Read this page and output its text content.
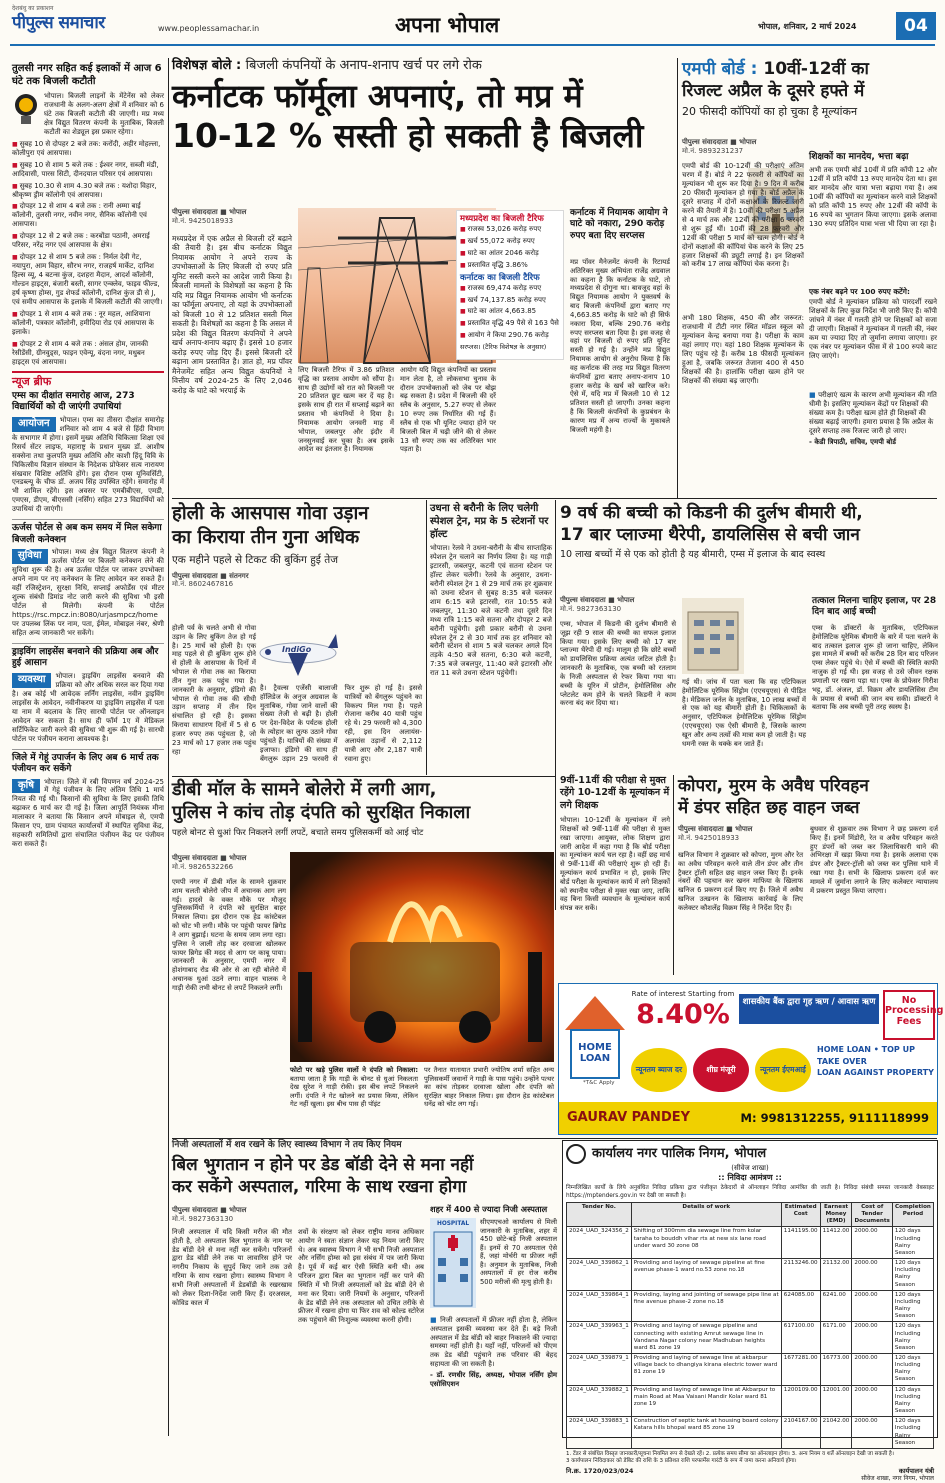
देशबंधु का प्रकाशन
पीपुल्स समाचार	www.peoplessamachar.in	अपना भोपाल	भोपाल, शनिवार, 2 मार्च 2024	04
तुलसी नगर सहित कई इलाकों में आज 6 घंटे तक बिजली कटौती
भोपाल। बिजली लाइनों के मेंटेनेंस को लेकर राजधानी के अलग-अलग क्षेत्रों में शनिवार को 6 घंटे तक बिजली कटौती की जाएगी। मप्र मध्य क्षेत्र विद्युत वितरण कंपनी के मुताबिक, बिजली कटौती का शेड्यूल इस प्रकार रहेगा।
■ सुबह 10 से दोपहर 2 बजे तक: करोंदी, अहीर मोहल्ला, कोलीपुरा एवं आसपास।
■ सुबह 10 से शाम 5 बजे तक : ईश्वर नगर, सब्जी मंडी, आदिवासी, पारस सिटी, दीनदयाल परिसर एवं आसपास।
■ सुबह 10.30 से शाम 4.30 बजे तक : यशोदा विहार, श्रीकृष्ण ड्रीम कॉलोनी एवं आसपास।
■ दोपहर 12 से शाम 4 बजे तक : रानी अम्मा बाई कॉलोनी, तुलसी नगर, नवीन नगर, सैनिक कॉलोनी एवं आसपास।
■ दोपहर 12 से 2 बजे तक : करबोंडा पठानी, अमराई परिसर, नरेंद्र नगर एवं आसपास के क्षेत्र।
■ दोपहर 12 से शाम 5 बजे तक : निर्मल देवी गेट, नयापुरा, आम विहार, सौरभ नगर, राजहर्ष मार्केट, दानिश हिल्स व्यू, 4 बटन्स कुंज, दशहरा मैदान, आदर्श कॉलोनी, गोल्डन हाइट्स, बंजारी बस्ती, सागर एन्क्लेव, फाइव फील्ड, हर्ष कृष्णा होम्स, गुड शेफर्ड कॉलोनी, दानिश कुंज डी से J, एवं समीप आसपास के इलाके में बिजली कटौती की जाएगी।
■ दोपहर 1 से शाम 4 बजे तक : नूर महल, आशियाना कॉलोनी, पत्रकार कॉलोनी, हमीदिया रोड एवं आसपास के इलाके।
■ दोपहर 2 से शाम 4 बजे तक : अंसल होम, जानकी रेसीडेंसी, ग्रीनवुड्स, फाइन एवेन्यू, वंदना नगर, मधुबन हाइट्स एवं आसपास।
न्यूज ब्रीफ
एम्स का दीक्षांत समारोह आज, 273 विद्यार्थियों को दी जाएंगी उपाधियां
आयोजन	भोपाल। एम्स का तीसरा दीक्षांत समारोह शनिवार को शाम 4 बजे से हिंदी विभाग के सभागार में होगा। इसमें मुख्य अतिथि चिकित्सा शिक्षा एवं रिसर्च सेंटर लाइफ, महाराष्ट्र के प्रधान मुख्य डॉ. आशीष सक्सेना तथा कुलपति मुख्य अतिथि और काशी हिंदू विवि के चिकित्सीय विज्ञान संस्थान के निदेशक प्रोफेसर सत्य नारायण संखवार विशिष्ट अतिथि होंगे। इस दौरान एम्स यूनिवर्सिटी, एनडब्ल्यू के चीफ डॉ. अजय सिंह उपस्थित रहेंगे। समारोह में भी शामिल रहेंगे। इस अवसर पर एमबीबीएस, एमडी, एमएस, डीएम, बीएससी (नर्सिंग) सहित 273 विद्यार्थियों को उपाधियां दी जाएंगी।
ऊर्जस पोर्टल से अब कम समय में मिल सकेगा बिजली कनेक्शन
सुविधा	भोपाल। मध्य क्षेत्र विद्युत वितरण कंपनी ने ऊर्जस पोर्टल पर बिजली कनेक्शन लेने की सुविधा शुरू की है। अब ऊर्जस पोर्टल पर जाकर उपभोक्ता अपने नाम पर नए कनेक्शन के लिए आवेदन कर सकते हैं। वहीं रजिस्ट्रेशन, सुरक्षा निधि, सप्लाई अफोर्डेंस एवं मीटर शुल्क संबंधी डिमांड नोट जारी करने की सुविधा भी इसी पोर्टल से मिलेगी। कंपनी के पोर्टल https://rsc.mpcz.in:8080/urjasmpcz/home पर उपलब्ध लिंक पर नाम, पता, ईमेल, मोबाइल नंबर, श्रेणी सहित अन्य जानकारी भर सकेंगे।
ड्राइविंग लाइसेंस बनवाने की प्रक्रिया अब और हुई आसान
व्यवस्था	भोपाल। ड्राइविंग लाइसेंस बनवाने की प्रक्रिया को और अधिक सरल कर दिया गया है। अब कोई भी आवेदक लर्निंग लाइसेंस, नवीन ड्राइविंग लाइसेंस के आवेदन, नवीनीकरण या ड्राइविंग लाइसेंस में पता या नाम में बदलाव के लिए सारथी पोर्टल पर ऑनलाइन आवेदन कर सकता है। साथ ही फॉर्म 1ए में मेडिकल सर्टिफिकेट जारी करने की सुविधा भी शुरू की गई है। सारथी पोर्टल पर पंजीयन कराना आवश्यक है।
जिले में गेहूं उपार्जन के लिए अब 6 मार्च तक पंजीयन कर सकेंगे
कृषि	भोपाल। जिले में रबी विपणन वर्ष 2024-25 में गेहूं पंजीयन के लिए अंतिम तिथि 1 मार्च नियत की गई थी। किसानों की सुविधा के लिए इसकी तिथि बढ़ाकर 6 मार्च कर दी गई है। जिला आपूर्ति नियंत्रक मीना मालाकार ने बताया कि किसान अपने मोबाइल से, एमपी किसान एप, ग्राम पंचायत कार्यालयों में स्थापित सुविधा केंद्र, सहकारी समितियों द्वारा संचालित पंजीयन केंद्र पर पंजीयन करा सकते हैं।
विशेषज्ञ बोले : बिजली कंपनियों के अनाप-शनाप खर्च पर लगे रोक
कर्नाटक फॉर्मूला अपनाएं, तो मप्र में
10-12 % सस्ती हो सकती है बिजली
पीपुल्स संवाददाता ■ भोपाल
मो.नं. 9425018933
मध्यप्रदेश में एक अप्रैल से बिजली दरें बढ़ाने की तैयारी है। इस बीच कर्नाटक विद्युत नियामक आयोग ने अपने राज्य के उपभोक्ताओं के लिए बिजली दो रुपए प्रति यूनिट सस्ती करने का आदेश जारी किया है। बिजली मामलों के विशेषज्ञों का कहना है कि यदि मप्र विद्युत नियामक आयोग भी कर्नाटक का फॉर्मूला अपनाए, तो यहां के उपभोक्ताओं को बिजली 10 से 12 प्रतिशत सस्ती मिल सकती है। विशेषज्ञों का कहना है कि असल में प्रदेश की विद्युत वितरण कंपनियों ने अपने खर्च अनाप-शनाप बढ़ाए हैं। इससे 10 हजार करोड़ रुपए जोड़ दिए हैं। इससे बिजली दरें बढ़ाना आम प्रस्तावित है। ज्ञात हो, मप्र पॉवर मैनेजमेंट सहित अन्य विद्युत कंपनियों ने वित्तीय वर्ष 2024-25 के लिए 2,046 करोड़ के घाटे को भरपाई के
लिए बिजली टैरिफ में 3.86 प्रतिशत वृद्धि का प्रस्ताव आयोग को सौंपा है। साथ ही उद्योगों को रात को बिजली पर 20 प्रतिशत छूट खत्म कर दें यह है। इसके साथ ही रात में सप्लाई बढ़ाने का प्रस्ताव भी कंपनियों ने दिया है। नियामक आयोग जनवरी माह में भोपाल, जबलपुर और इंदौर में जनसुनवाई कर चुका है। अब इसके आदेश का इंतजार है। नियामक
आयोग यदि विद्युत कंपनियों का प्रस्ताव मान लेता है, तो लोकसभा चुनाव के दौरान उपभोक्ताओं को जेब पर बोझ बढ़ सकता है। प्रदेश में बिजली की दरें स्लैब के अनुसार, 5.27 रुपए से लेकर 10 रुपए तक निर्धारित की गई हैं। स्लैब से एक भी यूनिट ज्यादा होने पर बिजली बिल में चढ़ी जीने की से लेकर 13 सौ रुपए तक का अतिरिक्त भार पड़ता है।
मध्यप्रदेश का बिजली टैरिफ
■ राजस्व 53,026 करोड़ रुपए
■ खर्च 55,072 करोड़ रुपए
■ घाटे का आंतर 2046 करोड़
■ प्रस्तावित वृद्धि 3.86%
कर्नाटक का बिजली टैरिफ
■ राजस्व 69,474 करोड़ रुपए
■ खर्च 74,137.85 करोड़ रुपए
■ घाटे का आंतर 4,663.85
■ प्रस्तावित वृद्धि 49 पैसे से 163 पैसे
■ आयोग ने किया 290.76 करोड़
सरप्लस। (टैरिफ विशेषज्ञ के अनुसार)
कर्नाटक में नियामक आयोग ने घाटे को नकारा, 290 करोड़ रुपए बता दिए सरप्लस
मप्र पॉवर मैनेजमेंट कंपनी के रिटायर्ड अतिरिक्त मुख्य अभियंता राजेंद्र अग्रवाल का कहना है कि कर्नाटक के घाटे, तो मध्यप्रदेश से दोगुना था। बावजूद वहां के विद्युत नियामक आयोग ने युक्तवर्ष के बाद बिजली कंपनियों द्वारा बताए गए 4,663.85 करोड़ के घाटे को ही सिर्फ नकारा दिया, बल्कि 290.76 करोड़ रुपए सरप्लस बता दिया है। इस वजह से वहां पर बिजली दो रुपए प्रति यूनिट सस्ती हो गई है। उन्होंने मप्र विद्युत नियामक आयोग से अनुरोध किया है कि वह कर्नाटक की तरह मप्र विद्युत वितरण कंपनियों द्वारा बताए अनाप-शनाप 10 हजार करोड़ के खर्च को खारिज करे। ऐसे में, यदि मप्र में बिजली 10 से 12 प्रतिशत सस्ती हो जाएगी। उनका कहना है कि बिजली कंपनियों के कुप्रबंधन के कारण मप्र में अन्य राज्यों के मुकाबले बिजली महंगी है।
एमपी बोर्ड : 10वीं-12वीं का
रिजल्ट अप्रैल के दूसरे हफ्ते में
20 फीसदी कॉपियों का हो चुका है मूल्यांकन
पीपुल्स संवाददाता ■ भोपाल
मो.नं. 9893231237
एमपी बोर्ड की 10-12वीं की परीक्षाएं अंतिम चरण में हैं। बोर्ड ने 22 फरवरी से कॉपियों का मूल्यांकन भी शुरू कर दिया है। 9 दिन में करीब 20 फीसदी मूल्यांकन हो गया है। बोर्ड अप्रैल के दूसरे सप्ताह में दोनों कक्षाओं के रिजल्ट जारी करने की तैयारी में है। 10वीं की परीक्षा 5 अप्रैल से 4 मार्च तक और 12वीं की परीक्षा 6 फरवरी से शुरू हुईं थीं। 10वीं की 28 फरवरी और 12वीं की परीक्षा 5 मार्च को खत्म होगी। बोर्ड ने दोनों कक्षाओं की कॉपियां चेक करने के लिए 25 हजार शिक्षकों की ड्यूटी लगाई है। इन शिक्षकों को करीब 17 लाख कॉपियां चेक करना है।
अभी 180 शिक्षक, 450 की और जरूरत: राजधानी में टीटी नगर स्थित मॉडल स्कूल को मूल्यांकन केन्द्र बनाया गया है। परीक्षा के काम वहां लगाए गए। यहां 180 शिक्षक मूल्यांकन के लिए पहुंच रहे हैं। करीब 18 फीसदी मूल्यांकन हुआ है, जबकि जरूरत तेजाना 400 से 450 शिक्षकों की है। हालांकि परीक्षा खत्म होने पर शिक्षकों की संख्या बढ़ जाएगी।
शिक्षकों का मानदेय, भत्ता बढ़ा
अभी तक एमपी बोर्ड 10वीं में प्रति कॉपी 12 और 12वीं में प्रति कॉपी 13 रुपए मानदेय देता था। इस बार मानदेय और यात्रा भत्ता बढ़ाया गया है। अब 10वीं की कॉपियों का मूल्यांकन करने वाले शिक्षकों को प्रति कॉपी 15 रुपए और 12वीं की कॉपी के 16 रुपये का भुगतान किया जाएगा। इसके अलावा 130 रुपए प्रतिदिन यात्रा भत्ता भी दिया जा रहा है।
एक नंबर बढ़ने पर 100 रुपए कटेंगे:
एमपी बोर्ड ने मूल्यांकन प्रक्रिया को पारदर्शी रखने शिक्षकों के लिए कुछ निर्देश भी जारी किए हैं। कॉपी जांचने में नंबर में गलती होने पर शिक्षकों को सजा दी जाएगी। शिक्षकों ने मूल्यांकन में गलती की, नंबर कम या ज्यादा दिए तो जुर्माना लगाया जाएगा। हर एक नंबर पर मूल्यांकन फीस में से 100 रुपये काट लिए जाएंगे।
■ परीक्षाएं खत्म के कारण अभी मूल्यांकन की गति धीमी है। इसलिए मूल्यांकन केंद्रों पर शिक्षकों की संख्या कम है। परीक्षा खत्म होते ही शिक्षकों की संख्या बढ़ाई जाएगी। हमारा प्रयास है कि अप्रैल के दूसरे सप्ताह तक रिजल्ट जारी हो जाए।
- केडी त्रिपाठी, सचिव, एमपी बोर्ड
होली के आसपास गोवा उड़ान
का किराया तीन गुना अधिक
एक महीने पहले से टिकट की बुकिंग हुई तेज
पीपुल्स संवाददाता ■ संतनगर
मो.नं. 8602467816
IndiGo
होली पर्व के चलते अभी से गोवा उड़ान के लिए बुकिंग तेज हो गई है। 25 मार्च को होली है। एक माह पहले से ही बुकिंग शुरू होने से होली के आसपास के दिनों में भोपाल से गोवा तक का किराया तीन गुना तक पहुंच गया है। जानकारी के अनुसार, इंडिगो की भोपाल से गोवा तक की सीधी उड़ान सप्ताह में तीन दिन संचालित हो रही है। इसका किराया साधारण दिनों में 5 से 6 हजार रुपए तक पहुंचता है, जो 23 मार्च को 17 हजार तक पहुंच रहा
है। ट्रैवल्स एजेंसी बालाजी हॉलिडेज के अनुज अग्रवाल के मुताबिक, गोवा जाने वालों की संख्या तेजी से बढ़ी है। होली पर देश-विदेश के पर्यटक होली के त्योहार का लुत्फ उठाने गोवा पहुंचते हैं। यात्रियों की संख्या में इजाफा। इंडिगो की साथ ही बेंगलुरू उड़ान 29 फरवरी से फिर शुरू हो गई है। इससे यात्रियों को बेंगलुरू पहुंचने का विकल्प मिल गया है। पहले रोजाना करीब 40 यात्री पहुंच रहे थे। 29 फरवरी को 4,300 रही, इस दिन अलायंस-अलायंस उड़ानों से 2,112 यात्री आए और 2,187 यात्री रवाना हुए।
उधना से बरौनी के लिए चलेगी स्पेशल ट्रेन, मप्र के 5 स्टेशनों पर हॉल्ट
भोपाल। रेलवे ने उधना-बरौनी के बीच साप्ताहिक स्पेशल ट्रेन चलाने का निर्णय लिया है। यह गाड़ी इटारसी, जबलपुर, कटनी एवं सतना स्टेशन पर हॉल्ट लेकर चलेगी। रेलवे के अनुसार, उधना-बरौनी स्पेशल ट्रेन 1 से 29 मार्च तक हर शुक्रवार को उधना स्टेशन से सुबह 8:35 बजे चलकर शाम 6:15 बजे इटारसी, रात 10:55 बजे जबलपुर, 11:30 बजे कटनी तथा दूसरे दिन मध्य रात्रि 1:15 बजे सतना और दोपहर 2 बजे बरौनी पहुंचेगी। इसी प्रकार बरौनी से उधना स्पेशल ट्रेन 2 से 30 मार्च तक हर शनिवार को बरौनी स्टेशन से शाम 5 बजे चलकर अगले दिन तड़के 4:50 बजे सतना, 6:30 बजे कटनी, 7:35 बजे जबलपुर, 11:40 बजे इटारसी और रात 11 बजे उधना स्टेशन पहुंचेगी।
9 वर्ष की बच्ची को किडनी की दुर्लभ बीमारी थी,
17 बार प्लाज्मा थैरेपी, डायलिसिस से बची जान
10 लाख बच्चों में से एक को होती है यह बीमारी, एम्स में इलाज के बाद स्वस्थ
पीपुल्स संवाददाता ■ भोपाल
मो.नं. 9827363130
एम्स, भोपाल में किडनी की दुर्लभ बीमारी से जूझ रही 9 साल की बच्ची का सफल इलाज किया गया। इसके लिए बच्ची को 17 बार प्लाज्मा थैरेपी दी गई। मालूम हो कि छोटे बच्चों को डायलिसिस प्रक्रिया अत्यंत जटिल होती है। जानकारी के मुताबिक, एक बच्ची को रतलाम के निजी अस्पताल से रेफर किया गया था। बच्ची के यूरिन में प्रोटीन, हेमोलिसिस और प्लेटलेट कम होने के चलते किडनी ने काम करना बंद कर दिया था।
गई थी। जांच में पता चला कि वह एटिपिकल हेमोलिटिक यूरेमिक सिंड्रोम (एएचयूएस) से पीड़ित है। मेडिकल जर्नल के मुताबिक, 10 लाख बच्चों में से एक को यह बीमारी होती है। चिकित्सकों के अनुसार, एटिपिकल हेमोलिटिक यूरेमिक सिंड्रोम (एएचयूएस) एक ऐसी बीमारी है, जिसके कारण खून और अन्य तत्वों की मात्रा कम हो जाती है। यह धमनी रक्त के थक्के बन जाते हैं।
तत्काल मिलना चाहिए इलाज, पर 28 दिन बाद आई बच्ची
एम्स के डॉक्टरों के मुताबिक, एटिपिकल हेमोलिटिक यूरेमिक बीमारी के बारे में पता चलने के बाद तत्काल इलाज शुरू हो जाना चाहिए, लेकिन इस मामले में बच्ची को करीब 28 दिन बाद परिजन एम्स लेकर पहुंचे थे। ऐसे में बच्ची की स्थिति काफी नाजुक हो गई थी। इस वजह से उसे जीवन रक्षक प्रणाली पर रखना पड़ा था। एम्स के प्रोफेसर गिरीश भट्ट, डॉ. अंजल, डॉ. विक्रम और डायलिसिस टीम के प्रयास से बच्ची की जान बच सकी। डॉक्टरों ने बताया कि अब बच्ची पूरी तरह स्वस्थ है।
डीबी मॉल के सामने बोलेरो में लगी आग,
पुलिस ने कांच तोड़ दंपति को सुरक्षित निकाला
पहले बोनट से धुआं फिर निकलने लगीं लपटें, बचाते समय पुलिसकर्मी को आई चोट
पीपुल्स संवाददाता ■ भोपाल
मो.नं. 9826532266
एमपी नगर में डीबी मॉल के सामने शुक्रवार शाम चलती बोलेरो जीप में अचानक आग लग गई। हादसे के वक्त मौके पर मौजूद पुलिसकर्मियों ने दंपति को सुरक्षित बाहर निकाल लिया। इस दौरान एक हेड कांस्टेबल को चोट भी लगी। मौके पर पहुंची फायर ब्रिगेड ने आग बुझाई। घटना के समय जाम लगा रहा। पुलिस ने जाली तोड़ कर दरवाजा खोलकर फायर ब्रिगेड की मदद से आग पर काबू पाया। जानकारी के अनुसार, एमपी नगर में होशंगाबाद रोड की ओर से आ रही बोलेरो में अचानक धुआं उठने लगा। वाहन चालक ने गाड़ी रोकी तभी बोनट से लपटें निकलने लगीं।
फोटो पर खड़े पुलिस वालों ने दंपति को निकाला: बताया जाता है कि गाड़ी के बोनट से धुआं निकलता देख सुरेश ने गाड़ी रोकी। इस बीच लपटें निकलने लगीं। दंपति ने गेट खोलने का प्रयास किया, लेकिन गेट नहीं खुला। इस बीच पास ही पॉइंट
पर तैनात यातायात प्रभारी ज्योतिष शर्मा सहित अन्य पुलिसकर्मी जवानों ने गाड़ी के पास पहुंचे। उन्होंने पत्थर का कांच तोड़कर दरवाजा खोला और दंपति को सुरक्षित बाहर निकाल लिया। इस दौरान हेड कांस्टेबल धनेंद्र को चोट लग गई।
9वीं-11वीं की परीक्षा से मुक्त रहेंगे 10-12वीं के मूल्यांकन में लगे शिक्षक
भोपाल। 10-12वीं के मूल्यांकन में लगे शिक्षकों को 9वीं-11वीं की परीक्षा से मुक्त रखा जाएगा। आयुक्त, लोक शिक्षण द्वारा जारी आदेश में कहा गया है कि बोर्ड परीक्षा का मूल्यांकन कार्य चल रहा है। वहीं छह मार्च से 9वीं-11वीं की परीक्षाएं शुरू हो रही हैं। मूल्यांकन कार्य प्रभावित न हो, इसके लिए बोर्ड परीक्षा के मूल्यांकन कार्य में लगे शिक्षकों को स्थानीय परीक्षा से मुक्त रखा जाए, ताकि वह बिना किसी व्यवधान के मूल्यांकन कार्य संपन्न कर सकें।
कोपरा, मुरम के अवैध परिवहन
में डंपर सहित छह वाहन जब्त
पीपुल्स संवाददाता ■ भोपाल
मो.नं. 9425018933
खनिज विभाग ने शुक्रवार को कोपरा, मुरम और रेत का अवैध परिवहन करने वाले तीन डंपर और तीन ट्रैक्टर ट्रॉली सहित छह वाहन जब्त किए हैं। इनके नंबरों की पहचान कर खनन माफिया के खिलाफ खनिज 6 प्रकरण दर्ज किए गए हैं। जिले में अवैध खनिज उत्खनन के खिलाफ कार्रवाई के लिए कलेक्टर कौशलेंद्र विक्रम सिंह ने निर्देश दिए हैं।
बुधवार से शुक्रवार तक विभाग ने छह प्रकरण दर्ज किए हैं। इनमें मिंडोरी, रेत व अवैध परिवहन करते हुए डंपरों को जब्त कर जिलाधिकारी थाने की अभिरक्षा में खड़ा किया गया है। इसके अलावा एक डंपर और ट्रैक्टर-ट्रॉली को जब्त कर पुलिस थाने में रखा गया है। सभी के खिलाफ प्रकरण दर्ज कर मामले में जुर्माना लगाने के लिए कलेक्टर न्यायालय में प्रकरण प्रस्तुत किया जाएगा।
HOME LOAN
*T&C Apply
Rate of interest Starting from
8.40%	शासकीय बैंक द्वारा गृह ऋण / आवास ऋण	No Processing Fees
न्यूनतम ब्याज दर	शीघ्र मंजूरी	न्यूनतम ईएमआई
HOME LOAN • TOP UP
TAKE OVER
LOAN AGAINST PROPERTY
GAURAV PANDEY	M: 9981312255, 9111118999
निजी अस्पतालों में शव रखने के लिए स्वास्थ्य विभाग ने तय किए नियम
बिल भुगतान न होने पर डेड बॉडी देने से मना नहीं
कर सकेंगे अस्पताल, गरिमा के साथ रखना होगा
पीपुल्स संवाददाता ■ भोपाल
मो.नं. 9827363130
निजी अस्पताल में यदि किसी मरीज की मौत होती है, तो अस्पताल बिल भुगतान के नाम पर डेड बॉडी देने से मना नहीं कर सकेंगे। परिजनों द्वारा डेड बॉडी लेने तक या लावारिस होने पर नगरीय निकाय के सुपुर्द किए जाने तक उसे गरिमा के साथ रखना होगा। स्वास्थ्य विभाग ने सभी निजी अस्पतालों में डेडबॉडी के रखरखाव को लेकर दिशा-निर्देश जारी किए हैं। दरअसल, कोविड काल में
शवों के संरक्षण को लेकर राष्ट्रीय मानव अधिकार आयोग ने स्वतः संज्ञान लेकर यह नियम जारी किए थे। अब स्वास्थ्य विभाग ने भी सभी निजी अस्पताल और नर्सिंग होम्स को इस संबंध में पत्र जारी किया है। पूर्व में कई बार ऐसी स्थिति बनी थी। अब परिजन द्वारा बिल का भुगतान नहीं कर पाने की स्थिति में भी निजी अस्पतालों को डेड बॉडी देने से मना कर दिया। जारी नियमों के अनुसार, परिजनों के डेड बॉडी लेने तक अस्पताल को उचित तरीके से फ्रीजर में रखना होगा या फिर शव को कोल्ड स्टोरेज तक पहुंचाने की निःशुल्क व्यवस्था करनी होगी।
शहर में 400 से ज्यादा निजी अस्पताल
HOSPITAL	सीएमएचओ कार्यालय से मिली जानकारी के मुताबिक, शहर में 450 छोटे-बड़े निजी अस्पताल हैं। इनमें से 70 अस्पताल ऐसे हैं, जहां मोर्चरी या फ्रीजर नहीं है। अनुमान के मुताबिक, निजी अस्पतालों में हर रोज करीब 500 मरीजों की मृत्यु होती है।
■ निजी अस्पतालों में फ्रीजर नहीं होता है, लेकिन अस्पताल इसकी व्यवस्था कर देते हैं। बड़े निजी अस्पताल में डेड बॉडी को बाहर निकालने की ज्यादा समस्या नहीं होती है। यहाँ नहीं, परिजनों को पीएम तक डेड बॉडी पहुंचाने तक परिवार की बेहद सहायता की जा सकती है।
- डॉ. रणधीर सिंह, अध्यक्ष, भोपाल नर्सिंग होम एसोसिएशन
कार्यालय नगर पालिक निगम, भोपाल
(सीवेज शाखा)
:: निविदा आमंत्रण ::
निम्नलिखित कार्यों के लिये अनुबंधित निविदा प्रकिया द्वारा पंजीकृत ठेकेदारों से ऑनलाइन निविदा आमंत्रित की जाती है। निविदा संबंधी समस्त जानकारी वेबसाइट https://mptenders.gov.in पर देखी जा सकती है।
Tender No.	Details of work	Estimated Cost	Earnest Money (EMD)	Cost of Tender Documents	Completion Period
2024_UAD_324356_2	Shifting of 300mm dia sewage line from kolar taraha to bouddh vihar rts at new six lane road under ward 30 zone 08	1141195.00	11412.00	2000.00	120 days Including Rainy Season
2024_UAD_339862_1	Providing and laying of sewage pipeline at fine avenue phase-1 ward no.53 zone no.18	2113246.00	21132.00	2000.00	120 days Including Rainy Season
2024_UAD_339864_1	Providing, laying and jointing of sewage pipe line at fine avenue phase-2 zone no.18	624085.00	6241.00	2000.00	120 days Including Rainy Season
2024_UAD_339963_1	Providing and laying of sewage pipeline and connecting with existing Amrut sewage line in Vandana Nagar colony near Madhuban heights ward 81 zone 19	617100.00	6171.00	2000.00	120 days Including Rainy Season
2024_UAD_339879_1	Providing and laying of sewage line at akbarpur village back to dhangiya kirana electric tower ward 81 zone 19	1677281.00	16773.00	2000.00	120 days Including Rainy Season
2024_UAD_339882_1	Providing and laying of sewage line at Akbarpur to main Road at Maa Vaisani Mandir Kolar ward 81 zone 19	1200109.00	12001.00	2000.00	120 days Including Rainy Season
2024_UAD_339883_1	Construction of septic tank at housing board colony Katara hills bhopal ward 85 zone 19	2104167.00	21042.00	2000.00	120 days Including Rainy Season
1. टेंडर से संबंधित विस्तृत जानकारी/सूचना नियमित रूप से देखते रहें। 2. प्रत्येक समय सीमा का ऑनलाइन होगा। 3. अन्य नियम व शर्तें ऑनलाइन देखी जा सकती है।
3 कार्यपालन निविदाकार को डेबिट की राशि के 3 प्रतिशत राशि परफार्मेंस गारंटी के रूप में जमा करना अनिवार्य होगा।
नि.क्र. 1720/023/024	कार्यपालन यंत्री
सीवेज शाखा, नगर निगम, भोपाल
